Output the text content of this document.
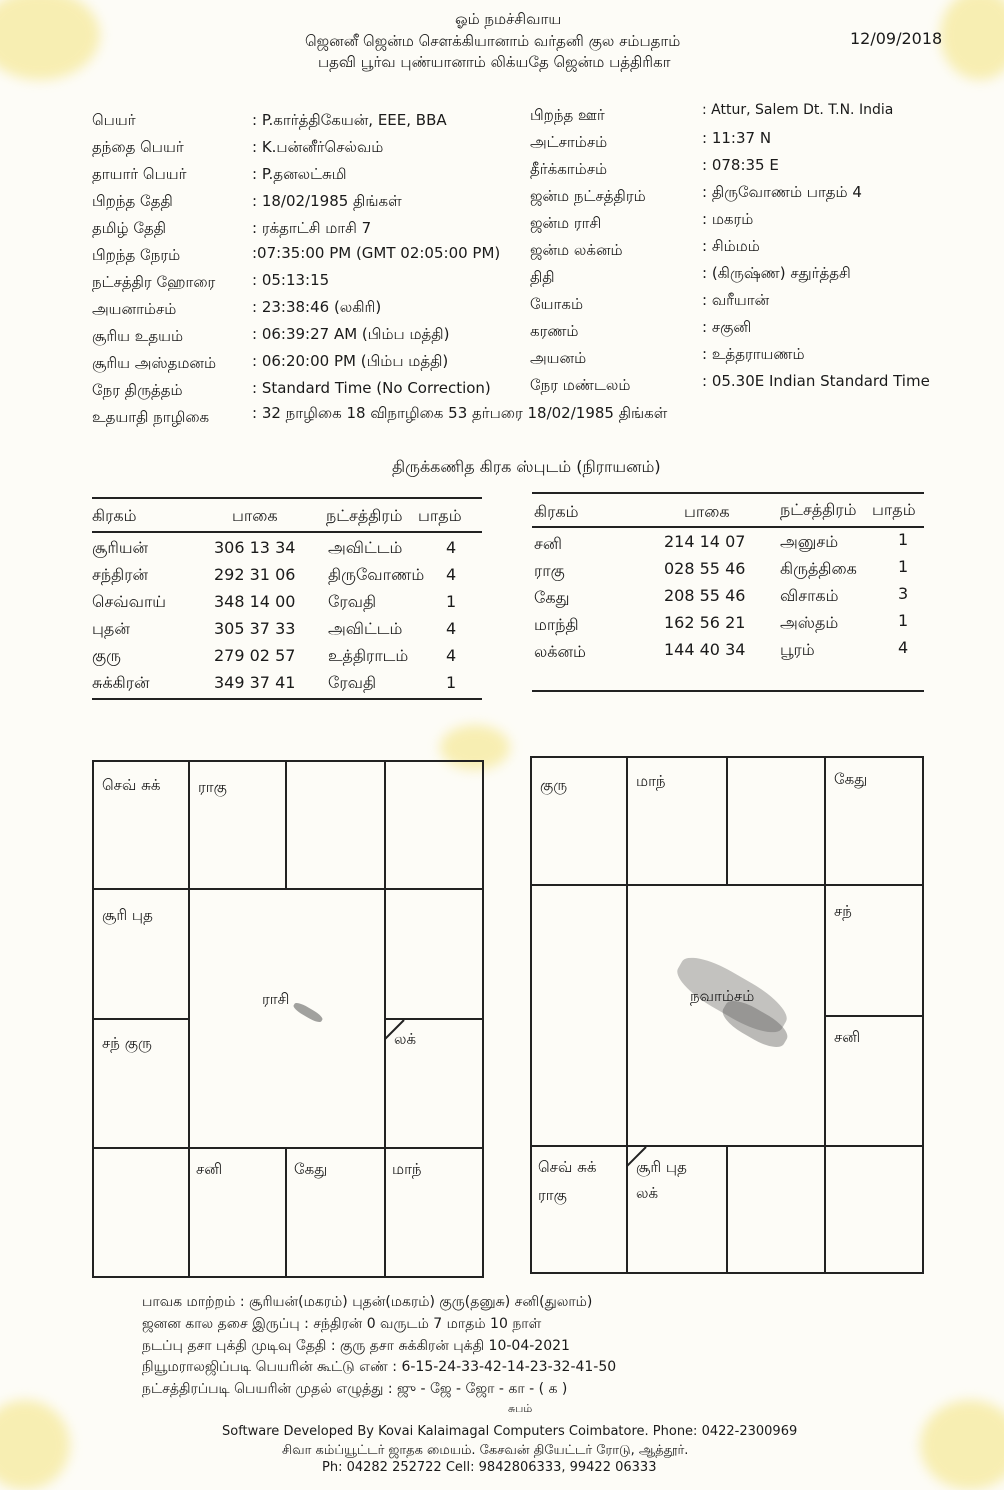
ஓம் நமச்சிவாய
ஜெனனீ ஜென்ம சௌக்கியானாம் வர்தனி குல சம்பதாம்
பதவி பூர்வ புண்யானாம் லிக்யதே ஜென்ம பத்திரிகா
12/09/2018
பெயர்	: P.கார்த்திகேயன், EEE, BBA
தந்தை பெயர்	: K.பன்னீர்செல்வம்
தாயார் பெயர்	: P.தனலட்சுமி
பிறந்த தேதி	: 18/02/1985 திங்கள்
தமிழ் தேதி	: ரக்தாட்சி மாசி 7
பிறந்த நேரம்	:07:35:00 PM (GMT 02:05:00 PM)
நட்சத்திர ஹோரை : 05:13:15
அயனாம்சம்	: 23:38:46 (லகிரி)
சூரிய உதயம்	: 06:39:27 AM (பிம்ப மத்தி)
சூரிய அஸ்தமனம் : 06:20:00 PM (பிம்ப மத்தி)
நேர திருத்தம்	: Standard Time (No Correction)
உதயாதி நாழிகை	: 32 நாழிகை 18 விநாழிகை 53 தர்பரை 18/02/1985 திங்கள்
பிறந்த ஊர்	: Attur, Salem Dt. T.N. India
அட்சாம்சம்	: 11:37 N
தீர்க்காம்சம்	: 078:35 E
ஜன்ம நட்சத்திரம்	: திருவோணம் பாதம் 4
ஜன்ம ராசி	: மகரம்
ஜன்ம லக்னம்	: சிம்மம்
திதி	: (கிருஷ்ண) சதுர்த்தசி
யோகம்	: வரீயான்
கரணம்	: சகுனி
அயனம்	: உத்தராயணம்
நேர மண்டலம்	: 05.30E Indian Standard Time
திருக்கணித கிரக ஸ்புடம் (நிராயனம்)
கிரகம்	பாகை	நட்சத்திரம் பாதம்
சூரியன்	306 13 34 அவிட்டம்	4
சந்திரன்	292 31 06 திருவோணம் 4
செவ்வாய்	348 14 00 ரேவதி	1
புதன்	305 37 33 அவிட்டம்	4
குரு	279 02 57 உத்திராடம் 4
சுக்கிரன்	349 37 41 ரேவதி	1
கிரகம்	பாகை	நட்சத்திரம் பாதம்
சனி	214 14 07 அனுசம்	1
ராகு	028 55 46 கிருத்திகை	1
கேது	208 55 46 விசாகம்	3
மாந்தி	162 56 21 அஸ்தம்	1
லக்னம்	144 40 34 பூரம்	4
செவ் சுக்	ராகு
சூரி புத
ராசி
சந் குரு	லக்
சனி	கேது	மாந்
குரு	மாந்	கேது
சந்
நவாம்சம்
சனி
செவ் சுக்
ராகு
சூரி புத
லக்
பாவக மாற்றம் : சூரியன்(மகரம்) புதன்(மகரம்) குரு(தனுசு) சனி(துலாம்)
ஜனன கால தசை இருப்பு : சந்திரன் 0 வருடம் 7 மாதம் 10 நாள்
நடப்பு தசா புக்தி முடிவு தேதி : குரு தசா சுக்கிரன் புக்தி 10-04-2021
நியூமராலஜிப்படி பெயரின் கூட்டு எண் : 6-15-24-33-42-14-23-32-41-50
நட்சத்திரப்படி பெயரின் முதல் எழுத்து : ஜு - ஜே - ஜோ - கா - ( க )
சுபம்
Software Developed By Kovai Kalaimagal Computers Coimbatore. Phone: 0422-2300969
சிவா கம்ப்யூட்டர் ஜாதக மையம். கேசவன் தியேட்டர் ரோடு, ஆத்தூர்.
Ph: 04282 252722 Cell: 9842806333, 99422 06333
